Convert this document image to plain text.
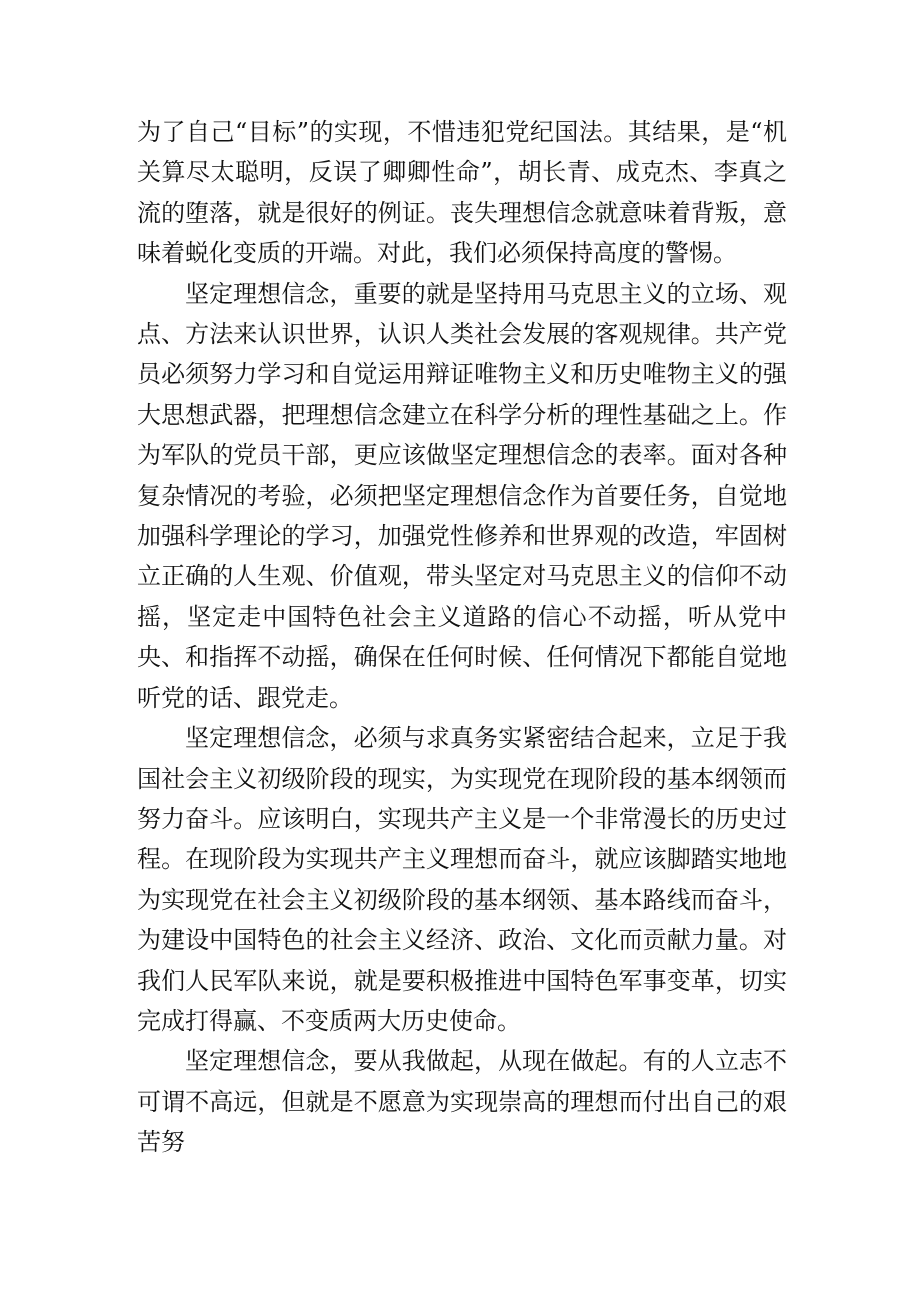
为了自己“目标”的实现，不惜违犯党纪国法。其结果，是“机关算尽太聪明，反误了卿卿性命”，胡长青、成克杰、李真之流的堕落，就是很好的例证。丧失理想信念就意味着背叛，意味着蜕化变质的开端。对此，我们必须保持高度的警惕。

坚定理想信念，重要的就是坚持用马克思主义的立场、观点、方法来认识世界，认识人类社会发展的客观规律。共产党员必须努力学习和自觉运用辩证唯物主义和历史唯物主义的强大思想武器，把理想信念建立在科学分析的理性基础之上。作为军队的党员干部，更应该做坚定理想信念的表率。面对各种复杂情况的考验，必须把坚定理想信念作为首要任务，自觉地加强科学理论的学习，加强党性修养和世界观的改造，牢固树立正确的人生观、价值观，带头坚定对马克思主义的信仰不动摇，坚定走中国特色社会主义道路的信心不动摇，听从党中央、和指挥不动摇，确保在任何时候、任何情况下都能自觉地听党的话、跟党走。

坚定理想信念，必须与求真务实紧密结合起来，立足于我国社会主义初级阶段的现实，为实现党在现阶段的基本纲领而努力奋斗。应该明白，实现共产主义是一个非常漫长的历史过程。在现阶段为实现共产主义理想而奋斗，就应该脚踏实地地为实现党在社会主义初级阶段的基本纲领、基本路线而奋斗，为建设中国特色的社会主义经济、政治、文化而贡献力量。对我们人民军队来说，就是要积极推进中国特色军事变革，切实完成打得赢、不变质两大历史使命。

坚定理想信念，要从我做起，从现在做起。有的人立志不可谓不高远，但就是不愿意为实现崇高的理想而付出自己的艰苦努
